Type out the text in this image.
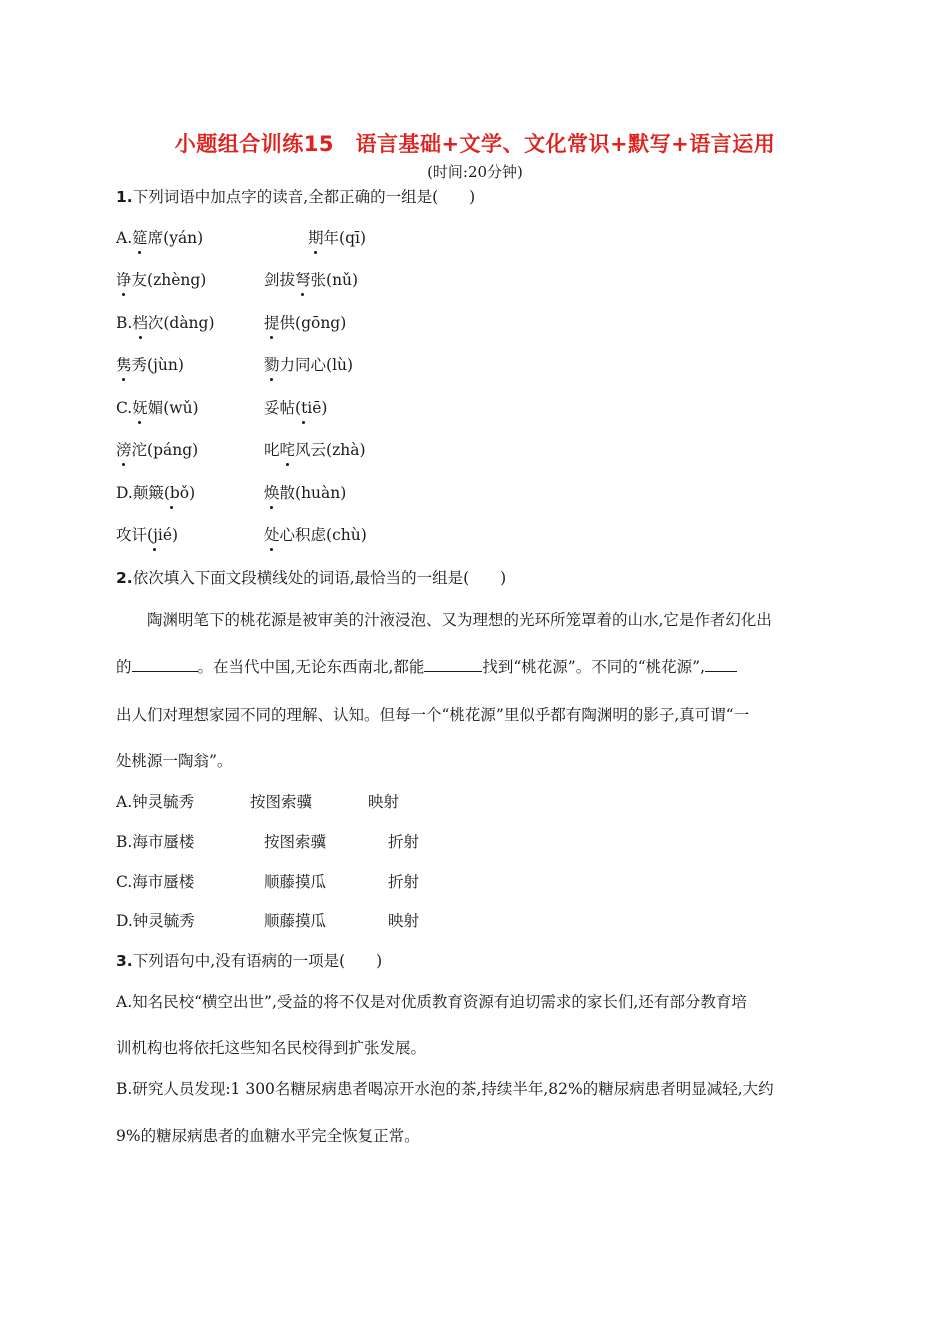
小题组合训练15　语言基础+文学、文化常识+默写+语言运用
(时间:20分钟)
1.下列词语中加点字的读音,全都正确的一组是(　　)
A.筵席(yán)	期年(qī)
诤友(zhèng)	剑拔弩张(nǔ)
B.档次(dàng)	提供(gōng)
隽秀(jùn)	勠力同心(lù)
C.妩媚(wǔ)	妥帖(tiē)
滂沱(páng)	叱咤风云(zhà)
D.颠簸(bǒ)	焕散(huàn)
攻讦(jié)	处心积虑(chù)
2.依次填入下面文段横线处的词语,最恰当的一组是(　　)
陶渊明笔下的桃花源是被审美的汁液浸泡、又为理想的光环所笼罩着的山水,它是作者幻化出
的	。在当代中国,无论东西南北,都能	找到“桃花源”。不同的“桃花源”,
出人们对理想家园不同的理解、认知。但每一个“桃花源”里似乎都有陶渊明的影子,真可谓“一
处桃源一陶翁”。
A.钟灵毓秀	按图索骥	映射
B.海市蜃楼	按图索骥	折射
C.海市蜃楼	顺藤摸瓜	折射
D.钟灵毓秀	顺藤摸瓜	映射
3.下列语句中,没有语病的一项是(　　)
A.知名民校“横空出世”,受益的将不仅是对优质教育资源有迫切需求的家长们,还有部分教育培
训机构也将依托这些知名民校得到扩张发展。
B.研究人员发现:1 300名糖尿病患者喝凉开水泡的茶,持续半年,82%的糖尿病患者明显减轻,大约
9%的糖尿病患者的血糖水平完全恢复正常。
